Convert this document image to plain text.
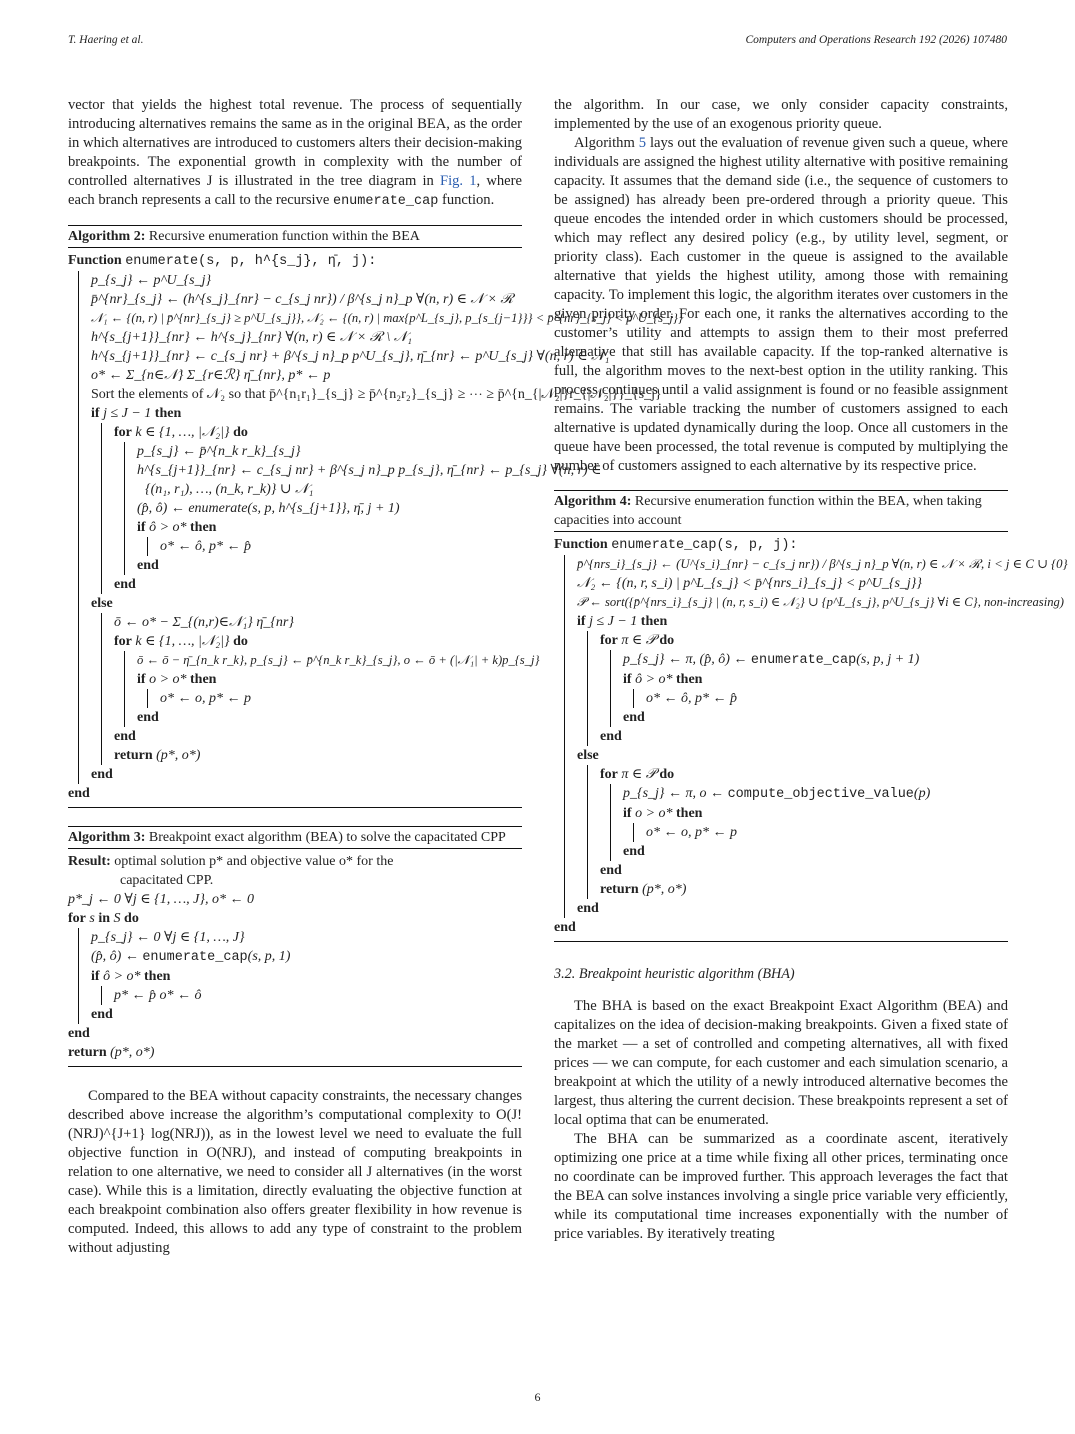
T. Haering et al.	Computers and Operations Research 192 (2026) 107480

vector that yields the highest total revenue. The process of sequentially introducing alternatives remains the same as in the original BEA, as the order in which alternatives are introduced to customers alters their decision-making breakpoints. The exponential growth in complexity with the number of controlled alternatives J is illustrated in the tree diagram in Fig. 1, where each branch represents a call to the recursive enumerate_cap function.

Algorithm 2: Recursive enumeration function within the BEA
Function enumerate(s, p, h^{s_j}, η̄, j):
p_{s_j} ← p^U_{s_j}
p̄^{nr}_{s_j} ← (h^{s_j}_{nr} − c_{s_j nr}) / β^{s_j n}_p ∀(n, r) ∈ 𝒩 × ℛ
𝒩₁ ← {(n, r) | p̄^{nr}_{s_j} ≥ p^U_{s_j}}, 𝒩₂ ← {(n, r) | max{p^L_{s_j}, p_{s_{j−1}}} < p̄^{nr}_{s_j} < p^U_{s_j}}
h^{s_{j+1}}_{nr} ← h^{s_j}_{nr} ∀(n, r) ∈ 𝒩 × ℛ \ 𝒩₁
h^{s_{j+1}}_{nr} ← c_{s_j nr} + β^{s_j n}_p p^U_{s_j}, η̄_{nr} ← p^U_{s_j} ∀(n, r) ∈ 𝒩₁
o* ← Σ_{n∈𝒩} Σ_{r∈ℛ} η̄_{nr}, p* ← p
Sort the elements of 𝒩₂ so that p̄^{n₁r₁}_{s_j} ≥ p̄^{n₂r₂}_{s_j} ≥ ⋯ ≥ p̄^{n_{|𝒩₂|}r_{|𝒩₂|}}_{s_j}
if j ≤ J − 1 then
for k ∈ {1, …, |𝒩₂|} do
p_{s_j} ← p̄^{n_k r_k}_{s_j}
h^{s_{j+1}}_{nr} ← c_{s_j nr} + β^{s_j n}_p p_{s_j}, η̄_{nr} ← p_{s_j} ∀(n, r) ∈
{(n₁, r₁), …, (n_k, r_k)} ∪ 𝒩₁
(p̂, ô) ← enumerate(s, p, h^{s_{j+1}}, η̄, j + 1)
if ô > o* then
o* ← ô, p* ← p̂
end
end
else
ō ← o* − Σ_{(n,r)∈𝒩₁} η̄_{nr}
for k ∈ {1, …, |𝒩₂|} do
ō ← ō − η̄_{n_k r_k}, p_{s_j} ← p̄^{n_k r_k}_{s_j}, o ← ō + (|𝒩₁| + k)p_{s_j}
if o > o* then
o* ← o, p* ← p
end
end
return (p*, o*)
end
end
Algorithm 3: Breakpoint exact algorithm (BEA) to solve the capacitated CPP
Result: optimal solution p* and objective value o* for the
capacitated CPP.
p*_j ← 0 ∀j ∈ {1, …, J}, o* ← 0
for s in S do
p_{s_j} ← 0 ∀j ∈ {1, …, J}
(p̂, ô) ← enumerate_cap(s, p, 1)
if ô > o* then
p* ← p̂ o* ← ô
end
end
return (p*, o*)

Compared to the BEA without capacity constraints, the necessary changes described above increase the algorithm’s computational complexity to O(J!(NRJ)^{J+1} log(NRJ)), as in the lowest level we need to evaluate the full objective function in O(NRJ), and instead of computing breakpoints in relation to one alternative, we need to consider all J alternatives (in the worst case). While this is a limitation, directly evaluating the objective function at each breakpoint combination also offers greater flexibility in how revenue is computed. Indeed, this allows to add any type of constraint to the problem without adjusting

the algorithm. In our case, we only consider capacity constraints, implemented by the use of an exogenous priority queue.

Algorithm 5 lays out the evaluation of revenue given such a queue, where individuals are assigned the highest utility alternative with positive remaining capacity. It assumes that the demand side (i.e., the sequence of customers to be assigned) has already been pre-ordered through a priority queue. This queue encodes the intended order in which customers should be processed, which may reflect any desired policy (e.g., by utility level, segment, or priority class). Each customer in the queue is assigned to the available alternative that yields the highest utility, among those with remaining capacity. To implement this logic, the algorithm iterates over customers in the given priority order. For each one, it ranks the alternatives according to the customer’s utility and attempts to assign them to their most preferred alternative that still has available capacity. If the top-ranked alternative is full, the algorithm moves to the next-best option in the utility ranking. This process continues until a valid assignment is found or no feasible assignment remains. The variable tracking the number of customers assigned to each alternative is updated dynamically during the loop. Once all customers in the queue have been processed, the total revenue is computed by multiplying the number of customers assigned to each alternative by its respective price.

Algorithm 4: Recursive enumeration function within the BEA, when taking capacities into account
Function enumerate_cap(s, p, j):
p̄^{nrs_i}_{s_j} ← (U^{s_i}_{nr} − c_{s_j nr}) / β^{s_j n}_p ∀(n, r) ∈ 𝒩 × ℛ, i < j ∈ C ∪ {0}
𝒩₂ ← {(n, r, s_i) | p^L_{s_j} < p̄^{nrs_i}_{s_j} < p^U_{s_j}}
𝒫 ← sort({p̄^{nrs_i}_{s_j} | (n, r, s_i) ∈ 𝒩₂} ∪ {p^L_{s_j}, p^U_{s_j} ∀i ∈ C}, non-increasing)
if j ≤ J − 1 then
for π ∈ 𝒫 do
p_{s_j} ← π, (p̂, ô) ← enumerate_cap(s, p, j + 1)
if ô > o* then
o* ← ô, p* ← p̂
end
end
else
for π ∈ 𝒫 do
p_{s_j} ← π, o ← compute_objective_value(p)
if o > o* then
o* ← o, p* ← p
end
end
return (p*, o*)
end
end
3.2. Breakpoint heuristic algorithm (BHA)

The BHA is based on the exact Breakpoint Exact Algorithm (BEA) and capitalizes on the idea of decision-making breakpoints. Given a fixed state of the market — a set of controlled and competing alternatives, all with fixed prices — we can compute, for each customer and each simulation scenario, a breakpoint at which the utility of a newly introduced alternative becomes the largest, thus altering the current decision. These breakpoints represent a set of local optima that can be enumerated.

The BHA can be summarized as a coordinate ascent, iteratively optimizing one price at a time while fixing all other prices, terminating once no coordinate can be improved further. This approach leverages the fact that the BEA can solve instances involving a single price variable very efficiently, while its computational time increases exponentially with the number of price variables. By iteratively treating

6
